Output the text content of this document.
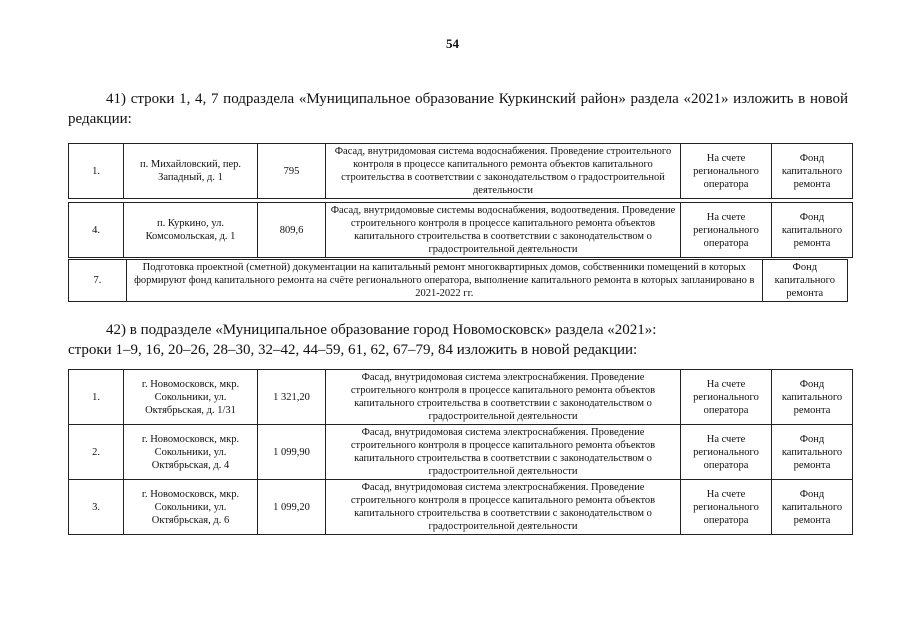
54

41) строки 1, 4, 7 подраздела «Муниципальное образование Куркинский район» раздела «2021» изложить в новой редакции:

1.	п. Михайловский, пер. Западный, д. 1	795	Фасад, внутридомовая система водоснабжения. Проведение строительного контроля в процессе капитального ремонта объектов капитального строительства в соответствии с законодательством о градостроительной деятельности	На счете регионального оператора	Фонд капитального ремонта
4.	п. Куркино, ул. Комсомольская, д. 1	809,6	Фасад, внутридомовые системы водоснабжения, водоотведения. Проведение строительного контроля в процессе капитального ремонта объектов капитального строительства в соответствии с законодательством о градостроительной деятельности	На счете регионального оператора	Фонд капитального ремонта
7.	Подготовка проектной (сметной) документации на капитальный ремонт многоквартирных домов, собственники помещений в которых формируют фонд капитального ремонта на счёте регионального оператора, выполнение капитального ремонта в которых запланировано в 2021-2022 гг.	Фонд капитального ремонта

42) в подразделе «Муниципальное образование город Новомосковск» раздела «2021»:
строки 1–9, 16, 20–26, 28–30, 32–42, 44–59, 61, 62, 67–79, 84 изложить в новой редакции:

1.	г. Новомосковск, мкр. Сокольники, ул. Октябрьская, д. 1/31	1 321,20	Фасад, внутридомовая система электроснабжения. Проведение строительного контроля в процессе капитального ремонта объектов капитального строительства в соответствии с законодательством о градостроительной деятельности	На счете регионального оператора	Фонд капитального ремонта
2.	г. Новомосковск, мкр. Сокольники, ул. Октябрьская, д. 4	1 099,90	Фасад, внутридомовая система электроснабжения. Проведение строительного контроля в процессе капитального ремонта объектов капитального строительства в соответствии с законодательством о градостроительной деятельности	На счете регионального оператора	Фонд капитального ремонта
3.	г. Новомосковск, мкр. Сокольники, ул. Октябрьская, д. 6	1 099,20	Фасад, внутридомовая система электроснабжения. Проведение строительного контроля в процессе капитального ремонта объектов капитального строительства в соответствии с законодательством о градостроительной деятельности	На счете регионального оператора	Фонд капитального ремонта
